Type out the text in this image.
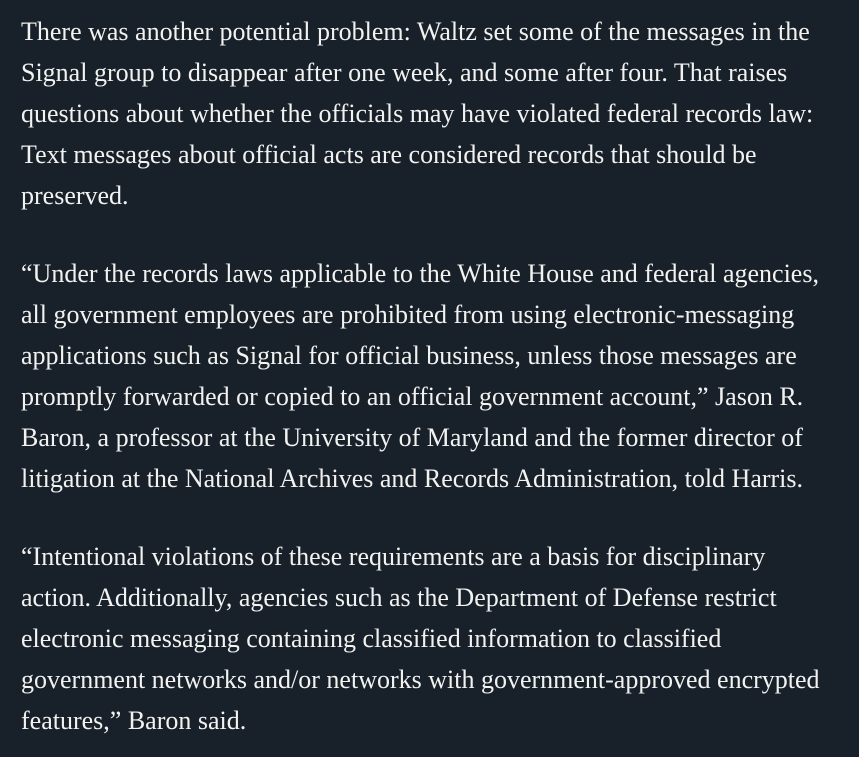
There was another potential problem: Waltz set some of the messages in the
Signal group to disappear after one week, and some after four. That raises
questions about whether the officials may have violated federal records law:
Text messages about official acts are considered records that should be
preserved.

“Under the records laws applicable to the White House and federal agencies,
all government employees are prohibited from using electronic-messaging
applications such as Signal for official business, unless those messages are
promptly forwarded or copied to an official government account,” Jason R.
Baron, a professor at the University of Maryland and the former director of
litigation at the National Archives and Records Administration, told Harris.

“Intentional violations of these requirements are a basis for disciplinary
action. Additionally, agencies such as the Department of Defense restrict
electronic messaging containing classified information to classified
government networks and/or networks with government-approved encrypted
features,” Baron said.
